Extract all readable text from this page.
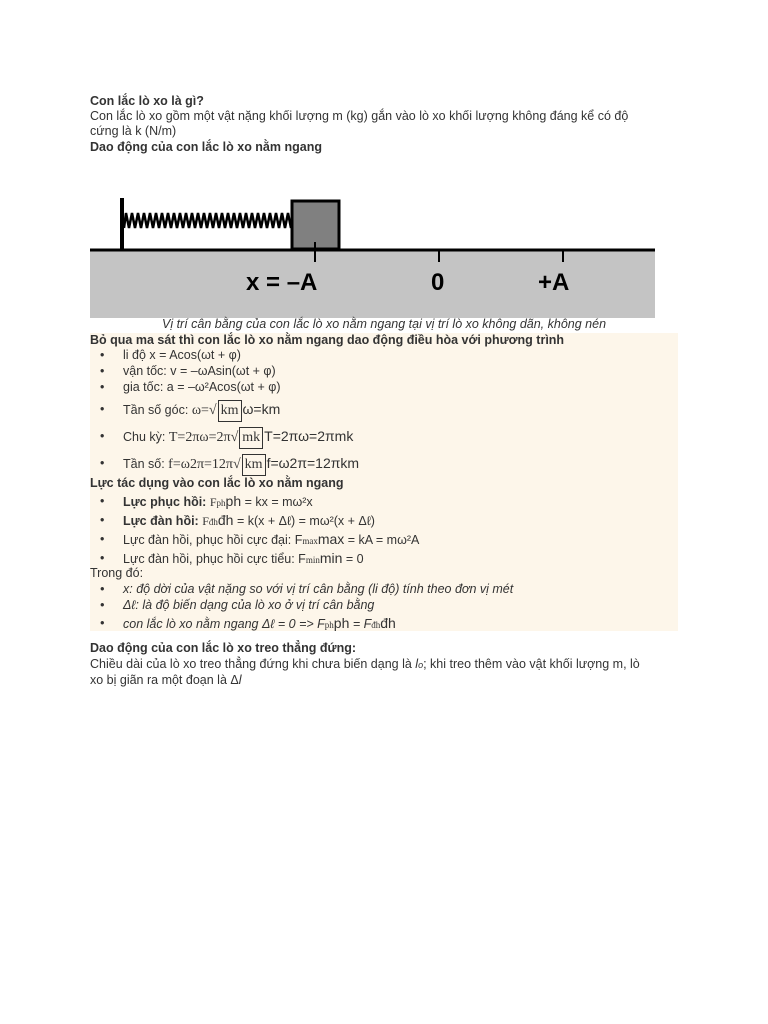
Con lắc lò xo là gì?
Con lắc lò xo gồm một vật nặng khối lượng m (kg) gắn vào lò xo khối lượng không đáng kể có độ
cứng là k (N/m)
Dao động của con lắc lò xo nằm ngang
x = –A	0	+A
Vị trí cân bằng của con lắc lò xo nằm ngang tại vị trí lò xo không dãn, không nén
Bỏ qua ma sát thì con lắc lò xo nằm ngang dao động điều hòa với phương trình
• li độ x = Acos(ωt + φ)
• vận tốc: v = –ωAsin(ωt + φ)
• gia tốc: a = –ω²Acos(ωt + φ)
• Tần số góc: ω=√ km ω=km
• Chu kỳ: T=2πω=2π√ mk T=2πω=2πmk
• Tần số: f=ω2π=12π√ km f=ω2π=12πkm
Lực tác dụng vào con lắc lò xo nằm ngang
• Lực phục hồi: Fphph = kx = mω²x
• Lực đàn hồi: Fđhđh = k(x + Δℓ) = mω²(x + Δℓ)
• Lực đàn hồi, phục hồi cực đại: Fmaxmax = kA = mω²A
• Lực đàn hồi, phục hồi cực tiểu: Fminmin = 0
Trong đó:
• x: độ dời của vật nặng so với vị trí cân bằng (li độ) tính theo đơn vị mét
• Δℓ: là độ biến dạng của lò xo ở vị trí cân bằng
• con lắc lò xo nằm ngang Δℓ = 0 => Fphph = Fđhđh
Dao động của con lắc lò xo treo thẳng đứng:
Chiều dài của lò xo treo thẳng đứng khi chưa biến dạng là lo; khi treo thêm vào vật khối lượng m, lò
xo bị giãn ra một đoạn là Δl
